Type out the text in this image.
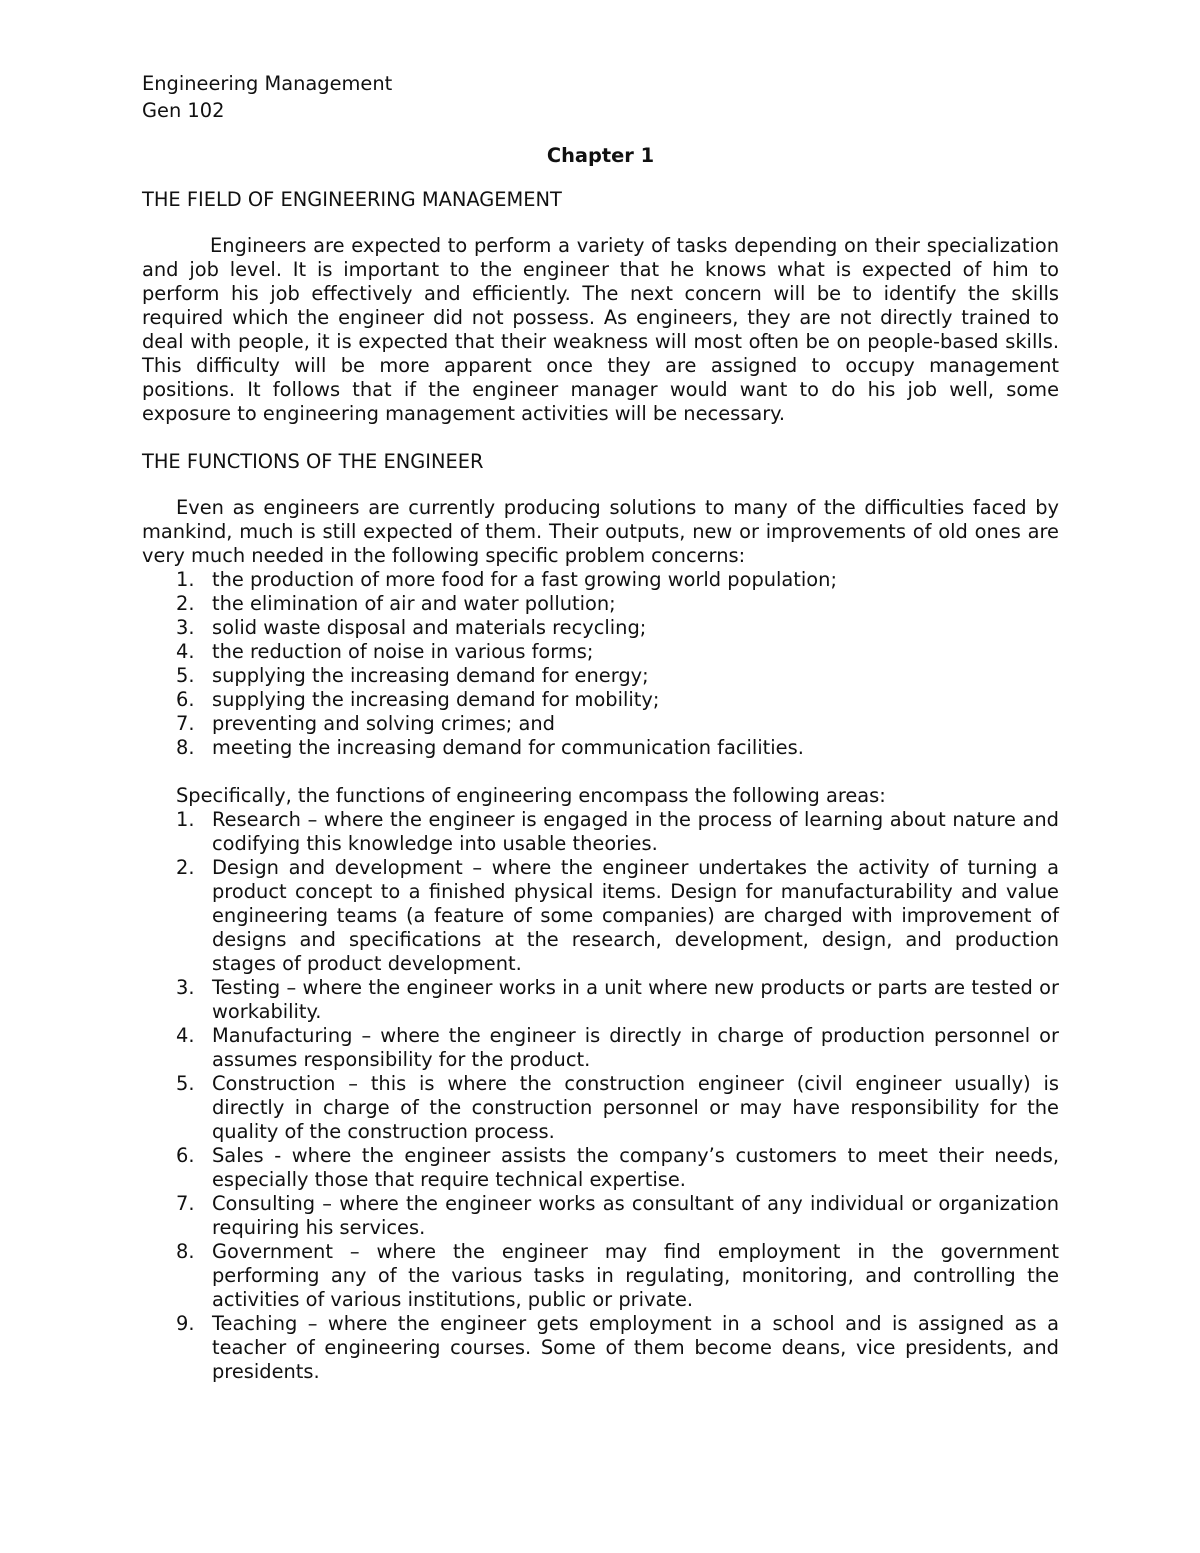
Engineering Management

Gen 102

Chapter 1

THE FIELD OF ENGINEERING MANAGEMENT

Engineers are expected to perform a variety of tasks depending on their specialization and job level. It is important to the engineer that he knows what is expected of him to perform his job effectively and efficiently. The next concern will be to identify the skills required which the engineer did not possess. As engineers, they are not directly trained to deal with people, it is expected that their weakness will most often be on people-based skills. This difficulty will be more apparent once they are assigned to occupy management positions. It follows that if the engineer manager would want to do his job well, some exposure to engineering management activities will be necessary.

THE FUNCTIONS OF THE ENGINEER

Even as engineers are currently producing solutions to many of the difficulties faced by mankind, much is still expected of them. Their outputs, new or improvements of old ones are very much needed in the following specific problem concerns:

1. the production of more food for a fast growing world population;
2. the elimination of air and water pollution;
3. solid waste disposal and materials recycling;
4. the reduction of noise in various forms;
5. supplying the increasing demand for energy;
6. supplying the increasing demand for mobility;
7. preventing and solving crimes; and
8. meeting the increasing demand for communication facilities.

Specifically, the functions of engineering encompass the following areas:

1. Research – where the engineer is engaged in the process of learning about nature and codifying this knowledge into usable theories.
2. Design and development – where the engineer undertakes the activity of turning a product concept to a finished physical items. Design for manufacturability and value engineering teams (a feature of some companies) are charged with improvement of designs and specifications at the research, development, design, and production stages of product development.
3. Testing – where the engineer works in a unit where new products or parts are tested or workability.
4. Manufacturing – where the engineer is directly in charge of production personnel or assumes responsibility for the product.
5. Construction – this is where the construction engineer (civil engineer usually) is directly in charge of the construction personnel or may have responsibility for the quality of the construction process.
6. Sales - where the engineer assists the company’s customers to meet their needs, especially those that require technical expertise.
7. Consulting – where the engineer works as consultant of any individual or organization requiring his services.
8. Government – where the engineer may find employment in the government performing any of the various tasks in regulating, monitoring, and controlling the activities of various institutions, public or private.
9. Teaching – where the engineer gets employment in a school and is assigned as a teacher of engineering courses. Some of them become deans, vice presidents, and presidents.
